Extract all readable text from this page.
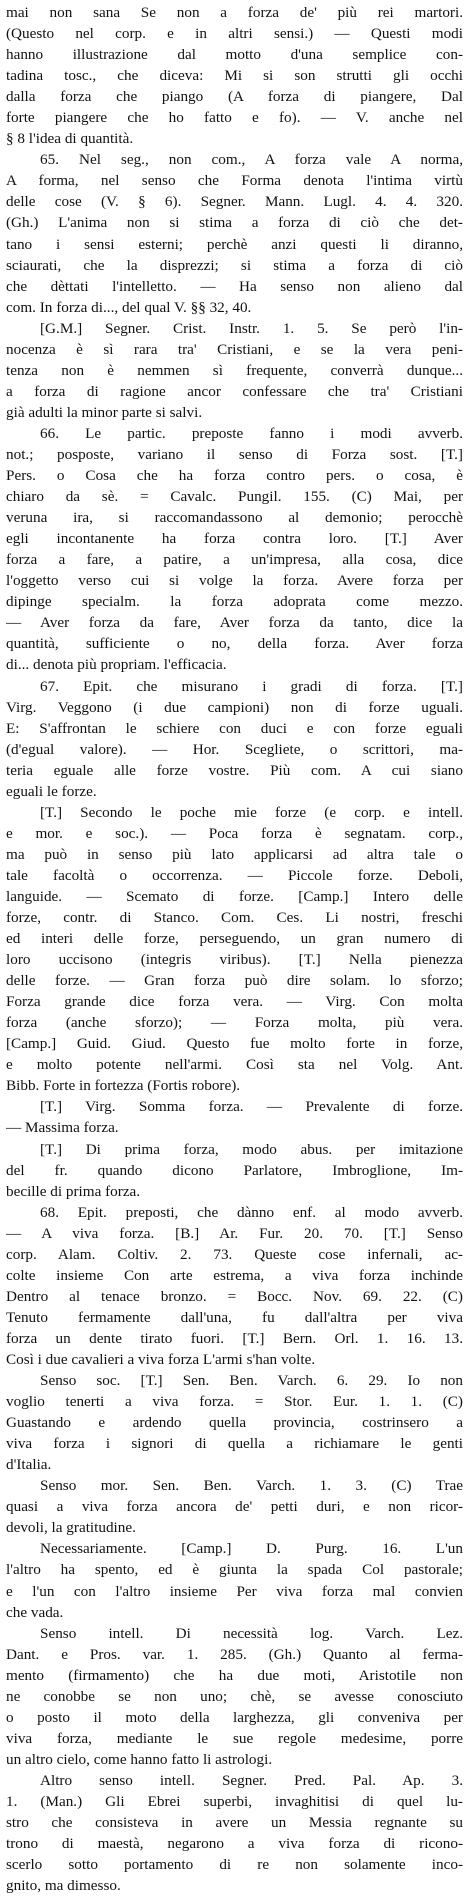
mai non sana Se non a forza de' più rei martori.
(Questo nel corp. e in altri sensi.) — Questi modi
hanno illustrazione dal motto d'una semplice con-
tadina tosc., che diceva: Mi si son strutti gli occhi
dalla forza che piango (A forza di piangere, Dal
forte piangere che ho fatto e fo). — V. anche nel
§ 8 l'idea di quantità.
65. Nel seg., non com., A forza vale A norma,
A forma, nel senso che Forma denota l'intima virtù
delle cose (V. § 6). Segner. Mann. Lugl. 4. 4. 320.
(Gh.) L'anima non si stima a forza di ciò che det-
tano i sensi esterni; perchè anzi questi li diranno,
sciaurati, che la disprezzi; si stima a forza di ciò
che dèttati l'intelletto. — Ha senso non alieno dal
com. In forza di..., del qual V. §§ 32, 40.
[G.M.] Segner. Crist. Instr. 1. 5. Se però l'in-
nocenza è sì rara tra' Cristiani, e se la vera peni-
tenza non è nemmen sì frequente, converrà dunque...
a forza di ragione ancor confessare che tra' Cristiani
già adulti la minor parte si salvi.
66. Le partic. preposte fanno i modi avverb.
not.; posposte, variano il senso di Forza sost. [T.]
Pers. o Cosa che ha forza contro pers. o cosa, è
chiaro da sè. = Cavalc. Pungil. 155. (C) Mai, per
veruna ira, si raccomandassono al demonio; perocchè
egli incontanente ha forza contra loro. [T.] Aver
forza a fare, a patire, a un'impresa, alla cosa, dice
l'oggetto verso cui si volge la forza. Avere forza per
dipinge specialm. la forza adoprata come mezzo.
— Aver forza da fare, Aver forza da tanto, dice la
quantità, sufficiente o no, della forza. Aver forza
di... denota più propriam. l'efficacia.
67. Epit. che misurano i gradi di forza. [T.]
Virg. Veggono (i due campioni) non di forze uguali.
E: S'affrontan le schiere con duci e con forze eguali
(d'egual valore). — Hor. Scegliete, o scrittori, ma-
teria eguale alle forze vostre. Più com. A cui siano
eguali le forze.
[T.] Secondo le poche mie forze (e corp. e intell.
e mor. e soc.). — Poca forza è segnatam. corp.,
ma può in senso più lato applicarsi ad altra tale o
tale facoltà o occorrenza. — Piccole forze. Deboli,
languide. — Scemato di forze. [Camp.] Intero delle
forze, contr. di Stanco. Com. Ces. Li nostri, freschi
ed interi delle forze, perseguendo, un gran numero di
loro uccisono (integris viribus). [T.] Nella pienezza
delle forze. — Gran forza può dire solam. lo sforzo;
Forza grande dice forza vera. — Virg. Con molta
forza (anche sforzo); — Forza molta, più vera.
[Camp.] Guid. Giud. Questo fue molto forte in forze,
e molto potente nell'armi. Così sta nel Volg. Ant.
Bibb. Forte in fortezza (Fortis robore).
[T.] Virg. Somma forza. — Prevalente di forze.
— Massima forza.
[T.] Di prima forza, modo abus. per imitazione
del fr. quando dicono Parlatore, Imbroglione, Im-
becille di prima forza.
68. Epit. preposti, che dànno enf. al modo avverb.
— A viva forza. [B.] Ar. Fur. 20. 70. [T.] Senso
corp. Alam. Coltiv. 2. 73. Queste cose infernali, ac-
colte insieme Con arte estrema, a viva forza inchinde
Dentro al tenace bronzo. = Bocc. Nov. 69. 22. (C)
Tenuto fermamente dall'una, fu dall'altra per viva
forza un dente tirato fuori. [T.] Bern. Orl. 1. 16. 13.
Così i due cavalieri a viva forza L'armi s'han volte.
Senso soc. [T.] Sen. Ben. Varch. 6. 29. Io non
voglio tenerti a viva forza. = Stor. Eur. 1. 1. (C)
Guastando e ardendo quella provincia, costrinsero a
viva forza i signori di quella a richiamare le genti
d'Italia.
Senso mor. Sen. Ben. Varch. 1. 3. (C) Trae
quasi a viva forza ancora de' petti duri, e non ricor-
devoli, la gratitudine.
Necessariamente. [Camp.] D. Purg. 16. L'un
l'altro ha spento, ed è giunta la spada Col pastorale;
e l'un con l'altro insieme Per viva forza mal convien
che vada.
Senso intell. Di necessità log. Varch. Lez.
Dant. e Pros. var. 1. 285. (Gh.) Quanto al ferma-
mento (firmamento) che ha due moti, Aristotile non
ne conobbe se non uno; chè, se avesse conosciuto
o posto il moto della larghezza, gli conveniva per
viva forza, mediante le sue regole medesime, porre
un altro cielo, come hanno fatto li astrologi.
Altro senso intell. Segner. Pred. Pal. Ap. 3.
1. (Man.) Gli Ebrei superbi, invaghitisi di quel lu-
stro che consisteva in avere un Messia regnante su
trono di maestà, negarono a viva forza di ricono-
scerlo sotto portamento di re non solamente inco-
gnito, ma dimesso.
